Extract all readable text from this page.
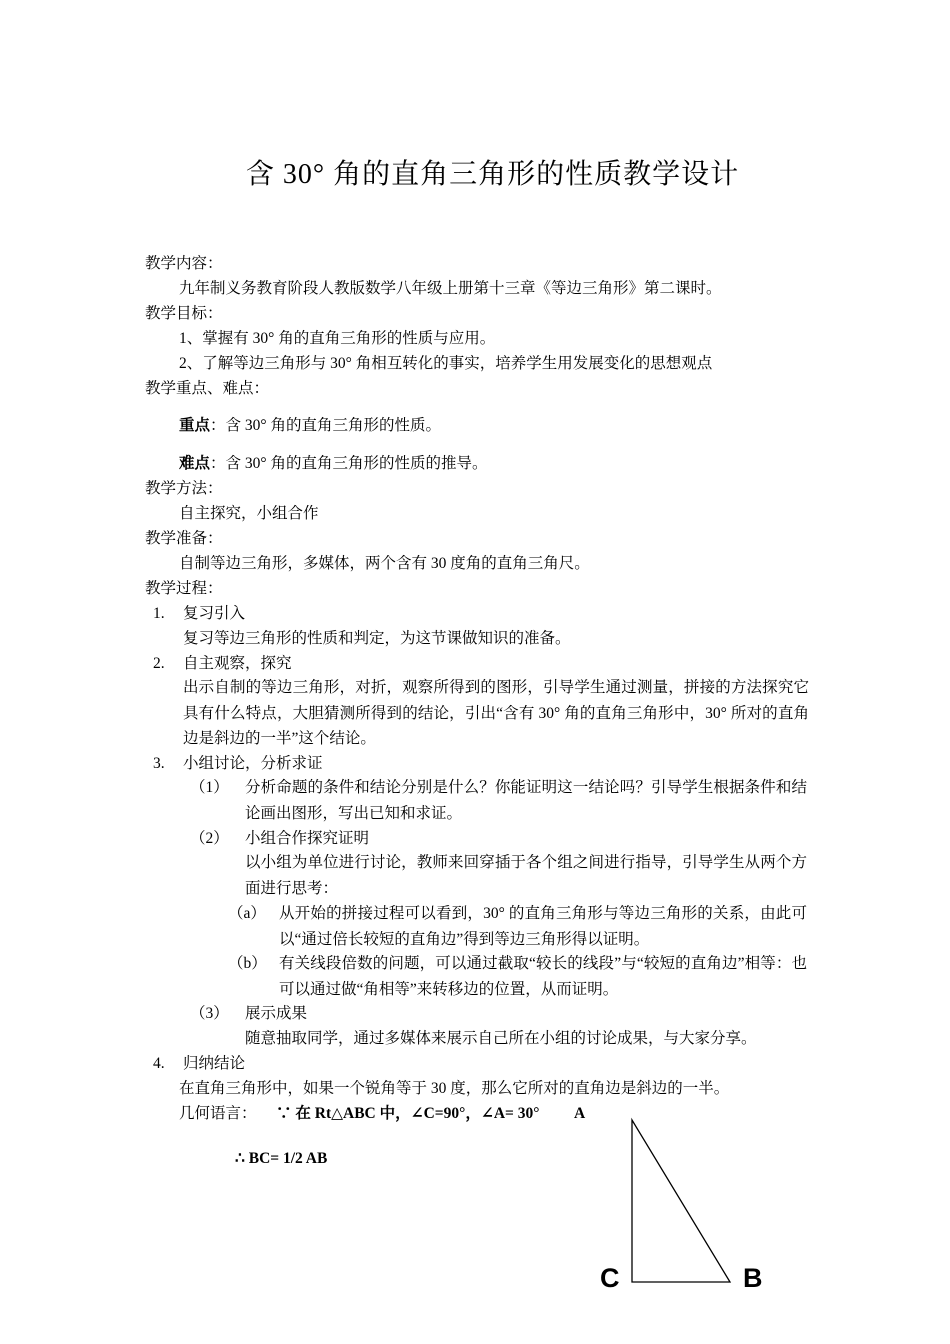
含 30° 角的直角三角形的性质教学设计
教学内容：
九年制义务教育阶段人教版数学八年级上册第十三章《等边三角形》第二课时。
教学目标：
1、掌握有 30° 角的直角三角形的性质与应用。
2、了解等边三角形与 30° 角相互转化的事实，培养学生用发展变化的思想观点
教学重点、难点：
重点：含 30° 角的直角三角形的性质。
难点：含 30° 角的直角三角形的性质的推导。
教学方法：
自主探究，小组合作
教学准备：
自制等边三角形，多媒体，两个含有 30 度角的直角三角尺。
教学过程：
1. 复习引入
复习等边三角形的性质和判定，为这节课做知识的准备。
2. 自主观察，探究
出示自制的等边三角形，对折，观察所得到的图形，引导学生通过测量，拼接的方法探究它具有什么特点，大胆猜测所得到的结论，引出“含有 30° 角的直角三角形中，30° 所对的直角边是斜边的一半”这个结论。
3. 小组讨论，分析求证
（1） 分析命题的条件和结论分别是什么？你能证明这一结论吗？引导学生根据条件和结论画出图形，写出已知和求证。
（2） 小组合作探究证明
以小组为单位进行讨论，教师来回穿插于各个组之间进行指导，引导学生从两个方面进行思考：
（a） 从开始的拼接过程可以看到，30° 的直角三角形与等边三角形的关系，由此可以“通过倍长较短的直角边”得到等边三角形得以证明。
（b） 有关线段倍数的问题，可以通过截取“较长的线段”与“较短的直角边”相等：也可以通过做“角相等”来转移边的位置，从而证明。
（3） 展示成果
随意抽取同学，通过多媒体来展示自己所在小组的讨论成果，与大家分享。
4. 归纳结论
在直角三角形中，如果一个锐角等于 30 度，那么它所对的直角边是斜边的一半。
几何语言： ∵ 在 Rt△ABC 中，∠C=90°，∠A= 30° A
∴ BC= 1/2 AB
C	B
